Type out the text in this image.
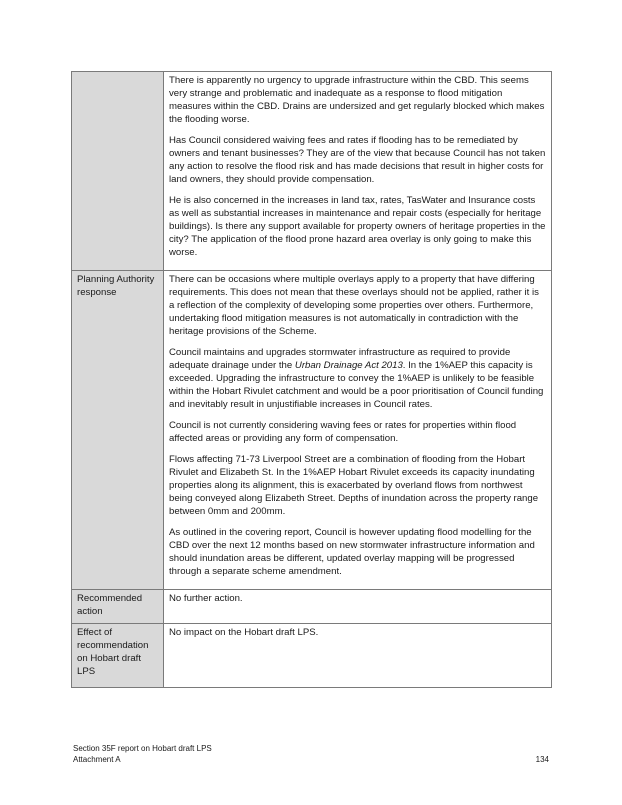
	There is apparently no urgency to upgrade infrastructure within the CBD. This seems very strange and problematic and inadequate as a response to flood mitigation measures within the CBD. Drains are undersized and get regularly blocked which makes the flooding worse.

Has Council considered waiving fees and rates if flooding has to be remediated by owners and tenant businesses? They are of the view that because Council has not taken any action to resolve the flood risk and has made decisions that result in higher costs for land owners, they should provide compensation.

He is also concerned in the increases in land tax, rates, TasWater and Insurance costs as well as substantial increases in maintenance and repair costs (especially for heritage buildings). Is there any support available for property owners of heritage properties in the city? The application of the flood prone hazard area overlay is only going to make this worse.

Planning Authority response	There can be occasions where multiple overlays apply to a property that have differing requirements. This does not mean that these overlays should not be applied, rather it is a reflection of the complexity of developing some properties over others. Furthermore, undertaking flood mitigation measures is not automatically in contradiction with the heritage provisions of the Scheme.

Council maintains and upgrades stormwater infrastructure as required to provide adequate drainage under the Urban Drainage Act 2013. In the 1%AEP this capacity is exceeded. Upgrading the infrastructure to convey the 1%AEP is unlikely to be feasible within the Hobart Rivulet catchment and would be a poor prioritisation of Council funding and inevitably result in unjustifiable increases in Council rates.

Council is not currently considering waving fees or rates for properties within flood affected areas or providing any form of compensation.

Flows affecting 71-73 Liverpool Street are a combination of flooding from the Hobart Rivulet and Elizabeth St. In the 1%AEP Hobart Rivulet exceeds its capacity inundating properties along its alignment, this is exacerbated by overland flows from northwest being conveyed along Elizabeth Street. Depths of inundation across the property range between 0mm and 200mm.

As outlined in the covering report, Council is however updating flood modelling for the CBD over the next 12 months based on new stormwater infrastructure information and should inundation areas be different, updated overlay mapping will be progressed through a separate scheme amendment.

Recommended action	No further action.

Effect of recommendation on Hobart draft LPS	No impact on the Hobart draft LPS.

Section 35F report on Hobart draft LPS
Attachment A	134
